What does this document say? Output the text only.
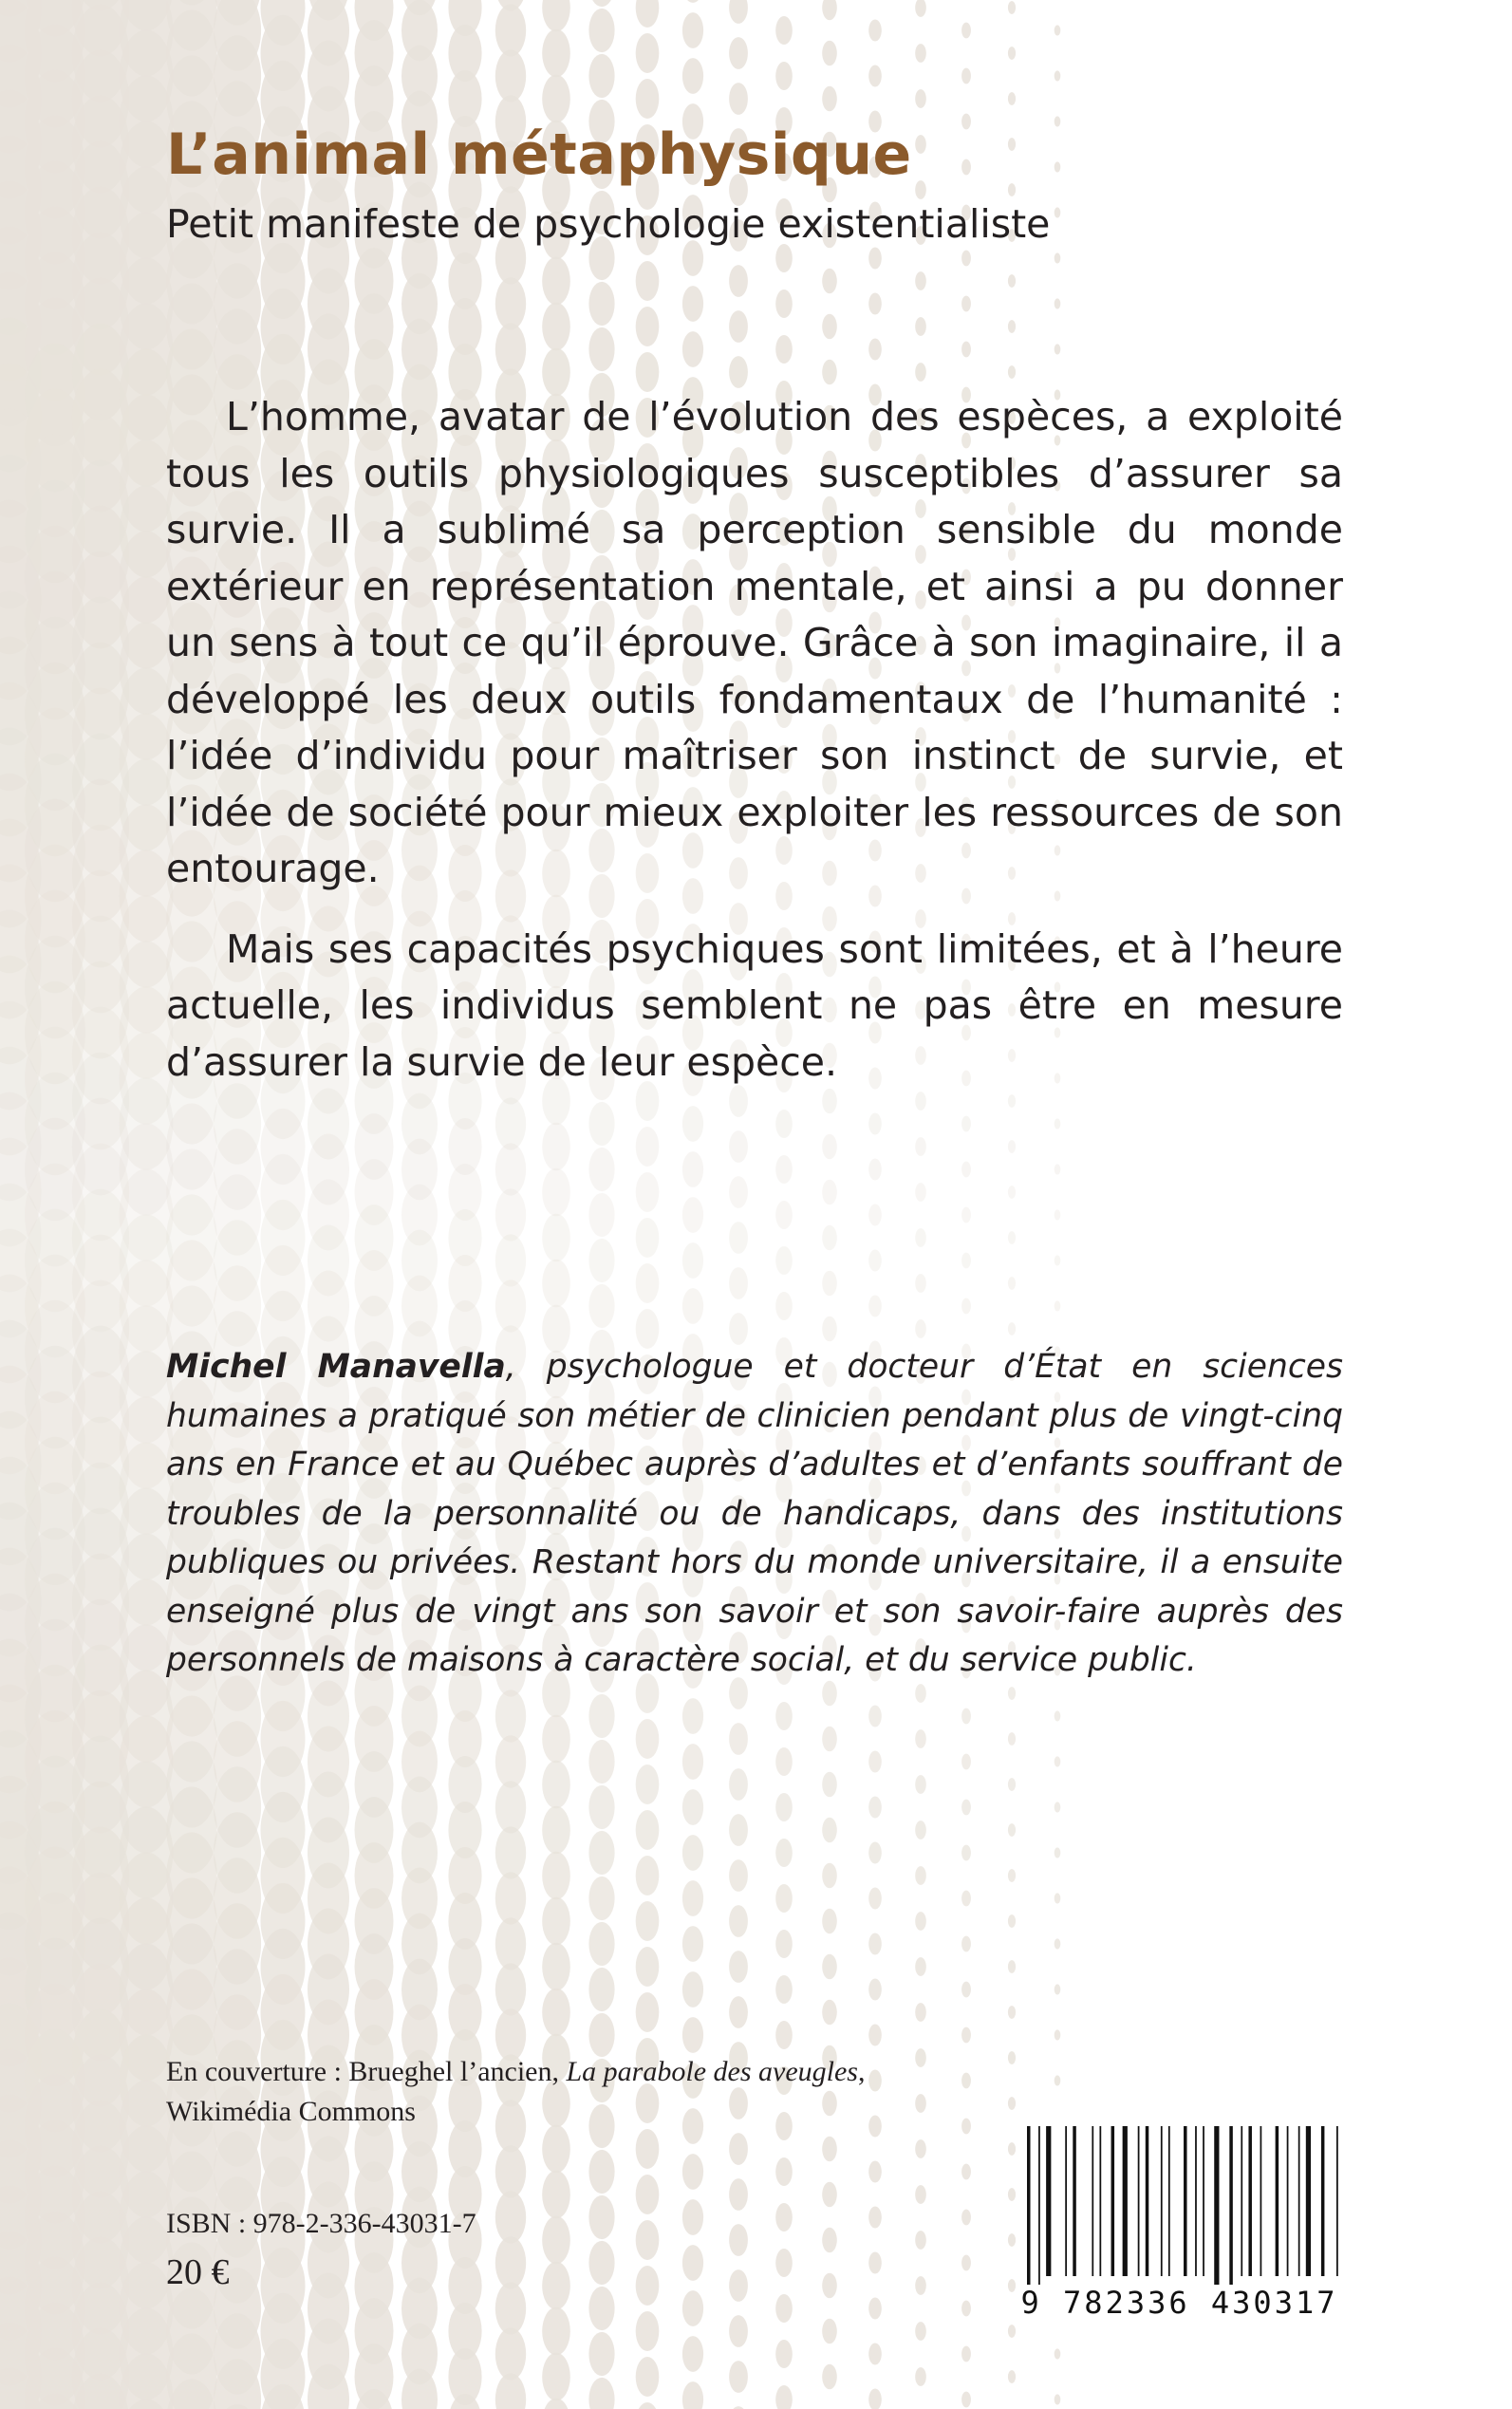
L’animal métaphysique
Petit manifeste de psychologie existentialiste

L’homme, avatar de l’évolution des espèces, a exploité tous les outils physiologiques susceptibles d’assurer sa survie. Il a sublimé sa perception sensible du monde extérieur en représentation mentale, et ainsi a pu donner un sens à tout ce qu’il éprouve. Grâce à son imaginaire, il a développé les deux outils fondamentaux de l’humanité : l’idée d’individu pour maîtriser son instinct de survie, et l’idée de société pour mieux exploiter les ressources de son entourage.

Mais ses capacités psychiques sont limitées, et à l’heure actuelle, les individus semblent ne pas être en mesure d’assurer la survie de leur espèce.

Michel Manavella, psychologue et docteur d’État en sciences humaines a pratiqué son métier de clinicien pendant plus de vingt-cinq ans en France et au Québec auprès d’adultes et d’enfants souffrant de troubles de la personnalité ou de handicaps, dans des institutions publiques ou privées. Restant hors du monde universitaire, il a ensuite enseigné plus de vingt ans son savoir et son savoir-faire auprès des personnels de maisons à caractère social, et du service public.

En couverture : Brueghel l’ancien, La parabole des aveugles,
Wikimédia Commons
ISBN : 978-2-336-43031-7
20 €
9 782336 430317
